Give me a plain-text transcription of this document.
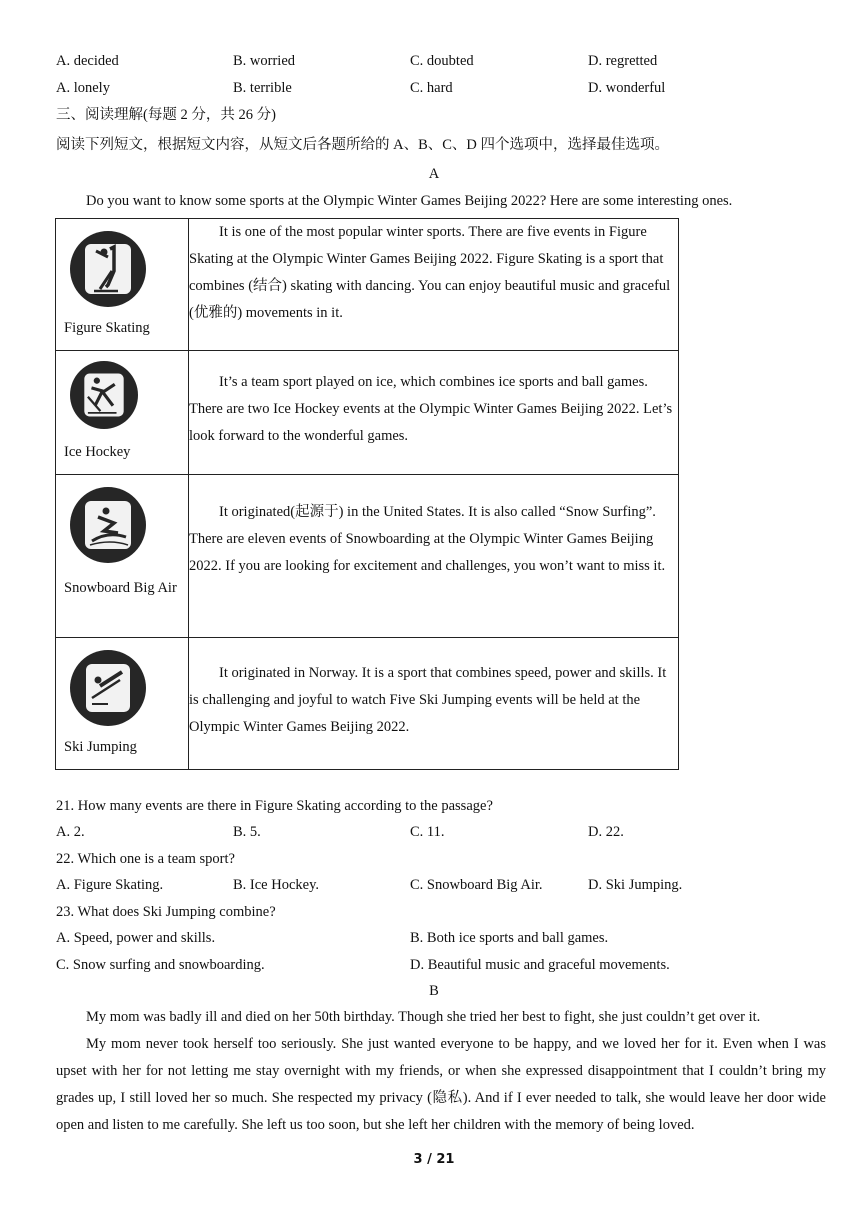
A. decided	B. worried	C. doubted	D. regretted
A. lonely	B. terrible	C. hard	D. wonderful
三、阅读理解(每题 2 分，共 26 分)
阅读下列短文，根据短文内容，从短文后各题所给的 A、B、C、D 四个选项中，选择最佳选项。
A
Do you want to know some sports at the Olympic Winter Games Beijing 2022? Here are some interesting ones.
Figure Skating	It is one of the most popular winter sports. There are five events in Figure Skating at the Olympic Winter Games Beijing 2022. Figure Skating is a sport that combines (结合) skating with dancing. You can enjoy beautiful music and graceful (优雅的) movements in it.

Ice Hockey	It’s a team sport played on ice, which combines ice sports and ball games. There are two Ice Hockey events at the Olympic Winter Games Beijing 2022. Let’s look forward to the wonderful games.

Snowboard Big Air	It originated(起源于) in the United States. It is also called “Snow Surfing”. There are eleven events of Snowboarding at the Olympic Winter Games Beijing 2022. If you are looking for excitement and challenges, you won’t want to miss it.

Ski Jumping	It originated in Norway. It is a sport that combines speed, power and skills. It is challenging and joyful to watch Five Ski Jumping events will be held at the Olympic Winter Games Beijing 2022.
21. How many events are there in Figure Skating according to the passage?
A. 2.	B. 5.	C. 11.	D. 22.
22. Which one is a team sport?
A. Figure Skating.	B. Ice Hockey.	C. Snowboard Big Air.	D. Ski Jumping.
23. What does Ski Jumping combine?
A. Speed, power and skills.	B. Both ice sports and ball games.
C. Snow surfing and snowboarding.	D. Beautiful music and graceful movements.
B

My mom was badly ill and died on her 50th birthday. Though she tried her best to fight, she just couldn’t get over it.

My mom never took herself too seriously. She just wanted everyone to be happy, and we loved her for it. Even when I was upset with her for not letting me stay overnight with my friends, or when she expressed disappointment that I couldn’t bring my grades up, I still loved her so much. She respected my privacy (隐私). And if I ever needed to talk, she would leave her door wide open and listen to me carefully. She left us too soon, but she left her children with the memory of being loved.

3 / 21
